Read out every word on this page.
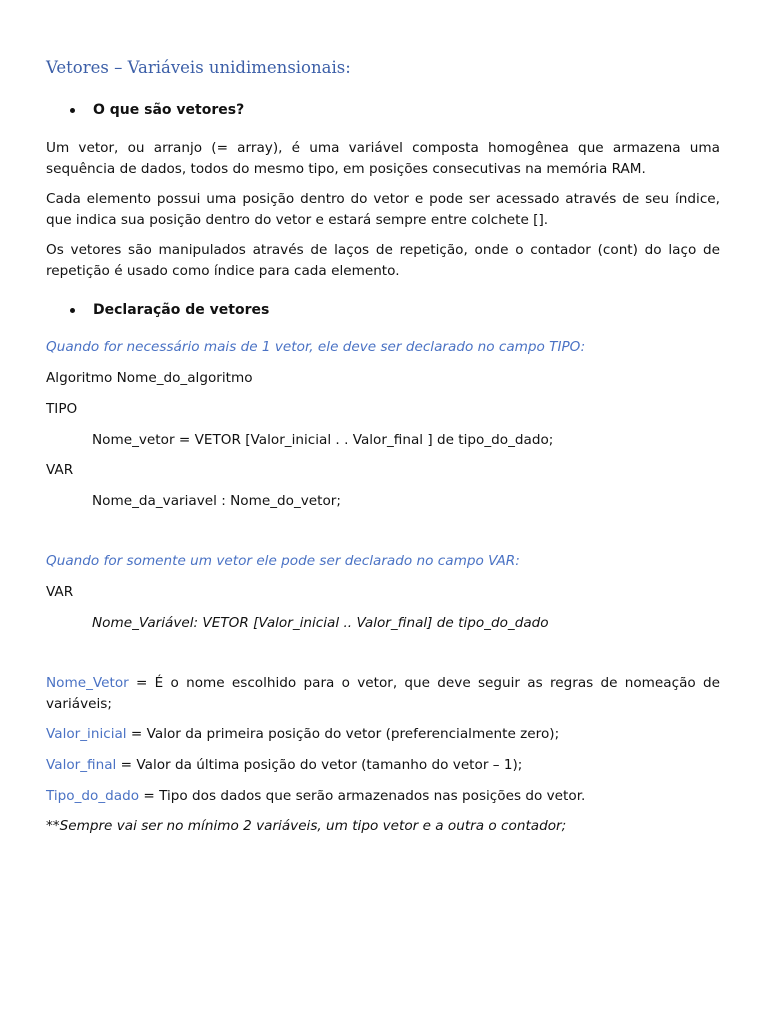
Vetores – Variáveis unidimensionais:
O que são vetores?
Um vetor, ou arranjo (= array), é uma variável composta homogênea que armazena uma sequência de dados, todos do mesmo tipo, em posições consecutivas na memória RAM.
Cada elemento possui uma posição dentro do vetor e pode ser acessado através de seu índice, que indica sua posição dentro do vetor e estará sempre entre colchete [].
Os vetores são manipulados através de laços de repetição, onde o contador (cont) do laço de repetição é usado como índice para cada elemento.
Declaração de vetores
Quando for necessário mais de 1 vetor, ele deve ser declarado no campo TIPO:
Algoritmo Nome_do_algoritmo
TIPO
Nome_vetor = VETOR [Valor_inicial . . Valor_final ] de tipo_do_dado;
VAR
Nome_da_variavel : Nome_do_vetor;
Quando for somente um vetor ele pode ser declarado no campo VAR:
VAR
Nome_Variável: VETOR [Valor_inicial .. Valor_final] de tipo_do_dado
Nome_Vetor = É o nome escolhido para o vetor, que deve seguir as regras de nomeação de variáveis;
Valor_inicial = Valor da primeira posição do vetor (preferencialmente zero);
Valor_final = Valor da última posição do vetor (tamanho do vetor – 1);
Tipo_do_dado = Tipo dos dados que serão armazenados nas posições do vetor.
**Sempre vai ser no mínimo 2 variáveis, um tipo vetor e a outra o contador;
